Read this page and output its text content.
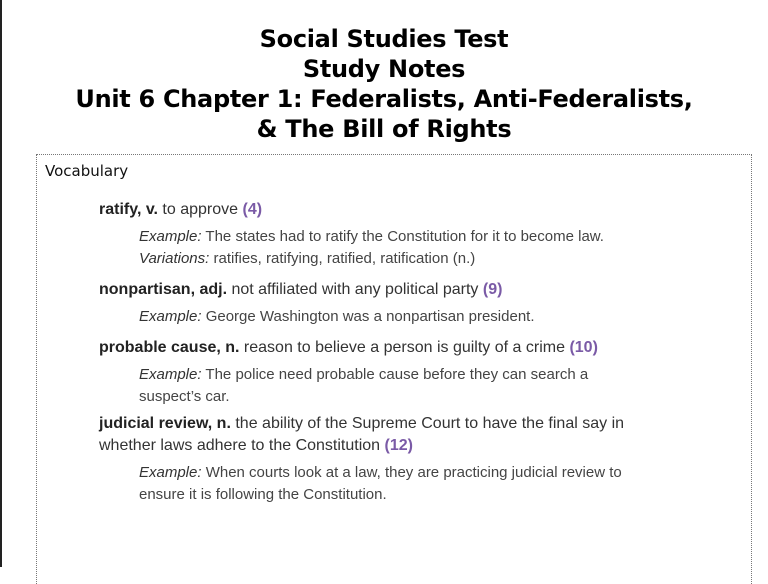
Social Studies Test
Study Notes
Unit 6 Chapter 1: Federalists, Anti-Federalists,
& The Bill of Rights
Vocabulary
ratify, v. to approve (4)
Example: The states had to ratify the Constitution for it to become law.
Variations: ratifies, ratifying, ratified, ratification (n.)
nonpartisan, adj. not affiliated with any political party (9)
Example: George Washington was a nonpartisan president.
probable cause, n. reason to believe a person is guilty of a crime (10)
Example: The police need probable cause before they can search a
suspect’s car.
judicial review, n. the ability of the Supreme Court to have the final say in
whether laws adhere to the Constitution (12)
Example: When courts look at a law, they are practicing judicial review to
ensure it is following the Constitution.
